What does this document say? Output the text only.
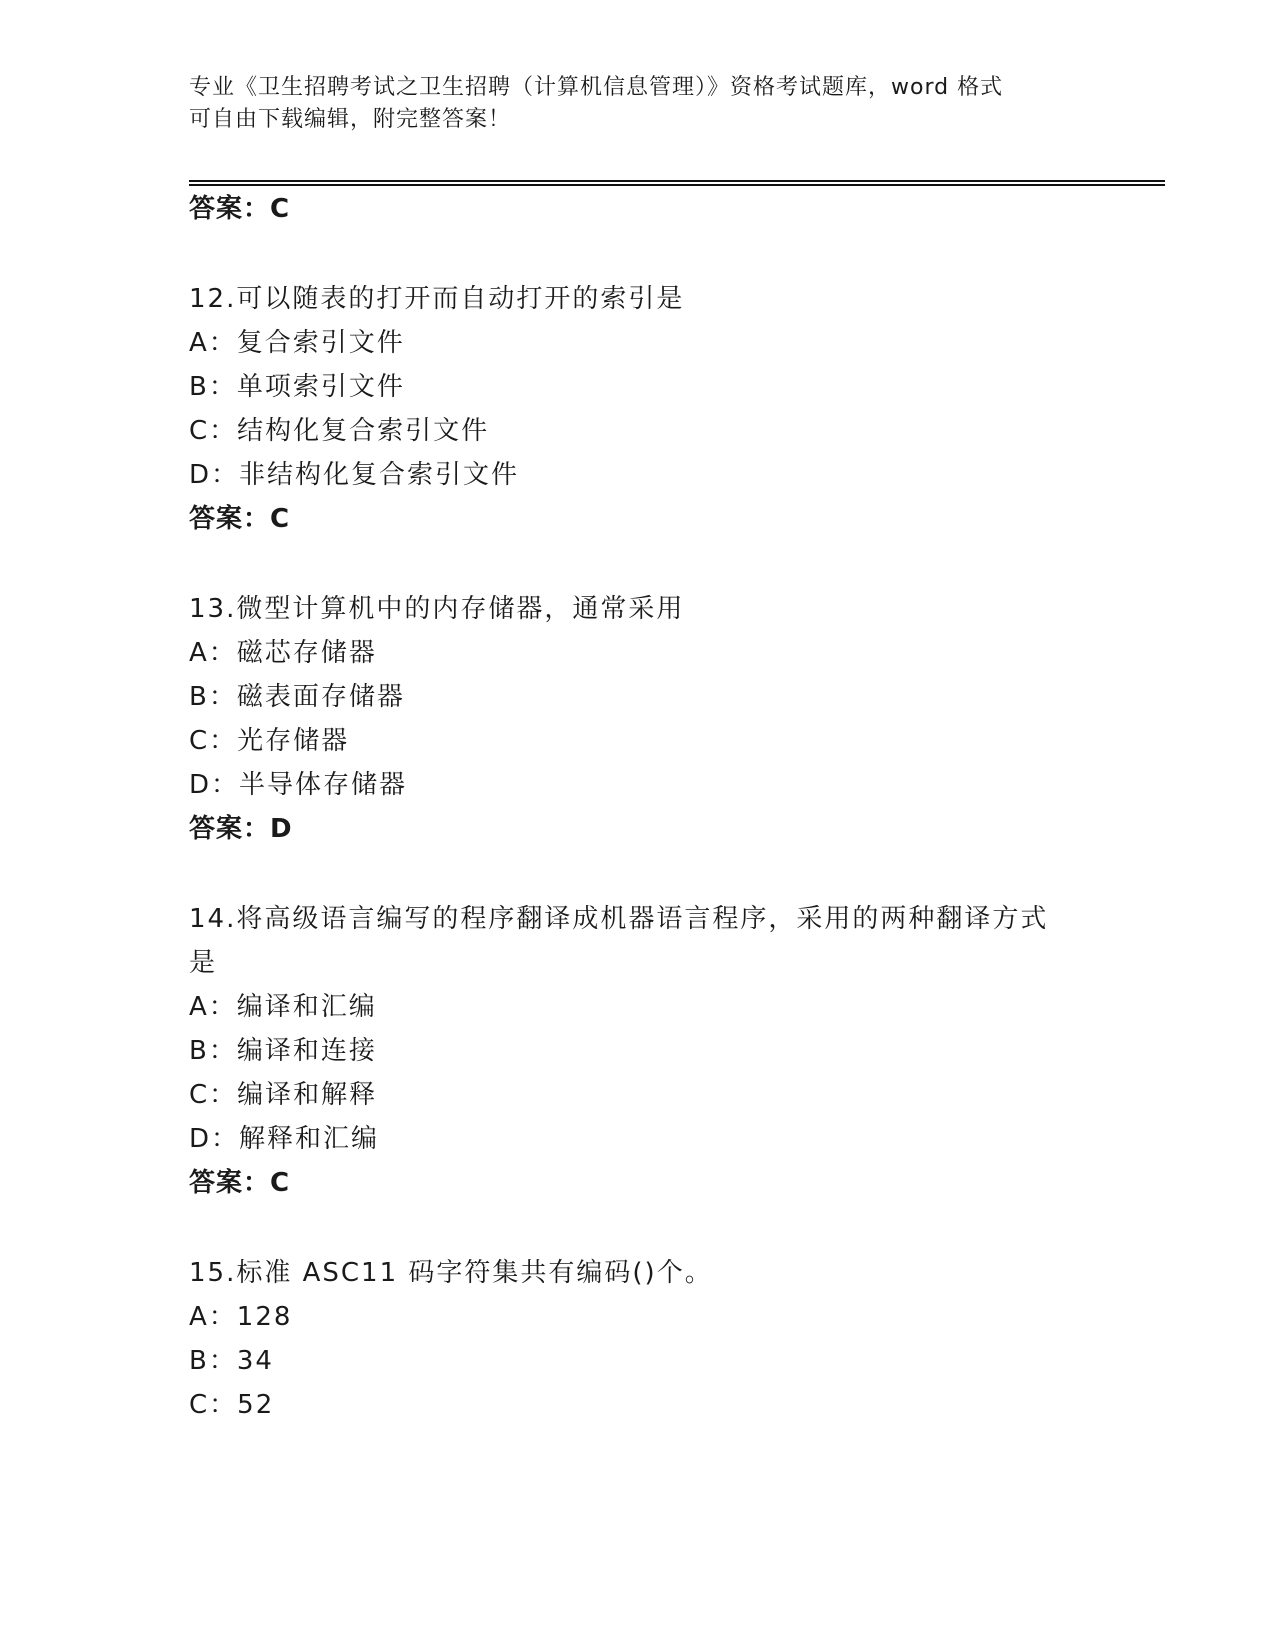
专业《卫生招聘考试之卫生招聘（计算机信息管理）》资格考试题库，word 格式
可自由下载编辑，附完整答案！
答案：C
12.可以随表的打开而自动打开的索引是
A：复合索引文件
B：单项索引文件
C：结构化复合索引文件
D：非结构化复合索引文件
答案：C
13.微型计算机中的内存储器，通常采用
A：磁芯存储器
B：磁表面存储器
C：光存储器
D：半导体存储器
答案：D
14.将高级语言编写的程序翻译成机器语言程序，采用的两种翻译方式
是
A：编译和汇编
B：编译和连接
C：编译和解释
D：解释和汇编
答案：C
15.标准 ASC11 码字符集共有编码()个。
A：128
B：34
C：52
